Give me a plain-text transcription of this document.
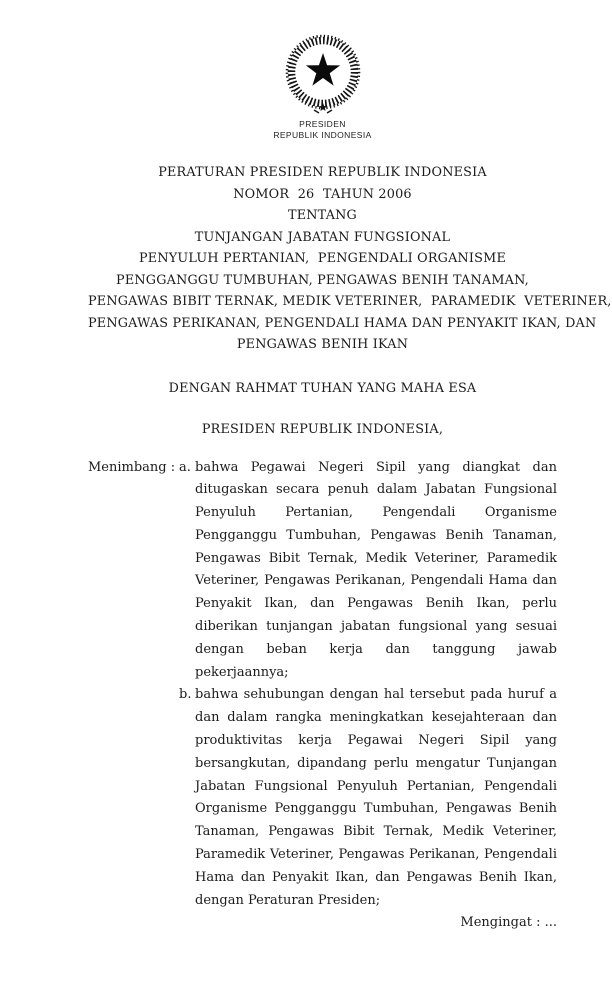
PRESIDEN
REPUBLIK INDONESIA
PERATURAN PRESIDEN REPUBLIK INDONESIA
NOMOR  26  TAHUN 2006
TENTANG
TUNJANGAN JABATAN FUNGSIONAL
PENYULUH PERTANIAN,  PENGENDALI ORGANISME
PENGGANGGU TUMBUHAN, PENGAWAS BENIH TANAMAN,
PENGAWAS BIBIT TERNAK, MEDIK VETERINER,  PARAMEDIK  VETERINER,
PENGAWAS PERIKANAN, PENGENDALI HAMA DAN PENYAKIT IKAN, DAN
PENGAWAS BENIH IKAN
DENGAN RAHMAT TUHAN YANG MAHA ESA
PRESIDEN REPUBLIK INDONESIA,
Menimbang : a. bahwa Pegawai Negeri Sipil yang diangkat dan ditugaskan secara penuh dalam Jabatan Fungsional Penyuluh Pertanian, Pengendali Organisme Pengganggu Tumbuhan, Pengawas Benih Tanaman, Pengawas Bibit Ternak, Medik Veteriner, Paramedik Veteriner, Pengawas Perikanan, Pengendali Hama dan Penyakit Ikan, dan Pengawas Benih Ikan, perlu diberikan tunjangan jabatan fungsional yang sesuai dengan beban kerja dan tanggung jawab pekerjaannya;
b. bahwa sehubungan dengan hal tersebut pada huruf a dan dalam rangka meningkatkan kesejahteraan dan produktivitas kerja Pegawai Negeri Sipil yang bersangkutan, dipandang perlu mengatur Tunjangan Jabatan Fungsional Penyuluh Pertanian, Pengendali Organisme Pengganggu Tumbuhan, Pengawas Benih Tanaman, Pengawas Bibit Ternak, Medik Veteriner, Paramedik Veteriner, Pengawas Perikanan, Pengendali Hama dan Penyakit Ikan, dan Pengawas Benih Ikan, dengan Peraturan Presiden;
Mengingat : ...
